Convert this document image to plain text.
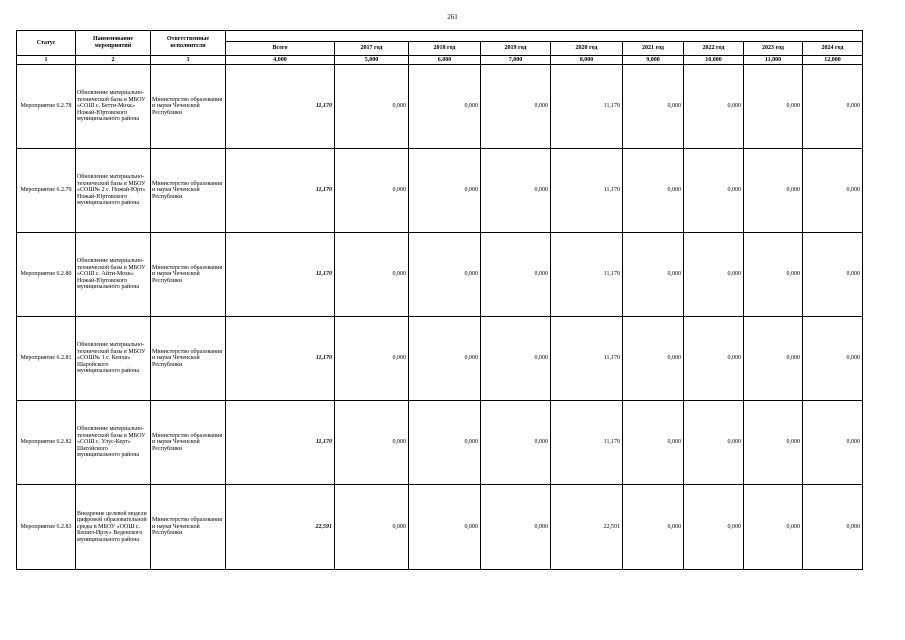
261
Статус	Наименование мероприятий	Ответственные исполнители									
			Всего	2017 год	2018 год	2019 год	2020 год	2021 год	2022 год	2023 год	2024 год
1	2	3	4,000	5,000	6,000	7,000	8,000	9,000	10,000	11,000	12,000
Мероприятие 6.2.78	Обновление материально-технической базы в МБОУ «СОШ с. Бетти-Мохк» Ножай-Юртовского муниципального района	Министерство образования и науки Чеченской Республики	11,170	0,000	0,000	0,000	11,170	0,000	0,000	0,000	0,000
Мероприятие 6.2.79	Обновление материально-технической базы в МБОУ «СОШ№ 2 с. Ножай-Юрт» Ножай-Юртовского муниципального района	Министерство образования и науки Чеченской Республики	11,170	0,000	0,000	0,000	11,170	0,000	0,000	0,000	0,000
Мероприятие 6.2.80	Обновление материально-технической базы в МБОУ «СОШ с. Айти-Мохк» Ножай-Юртовского муниципального района	Министерство образования и науки Чеченской Республики	11,170	0,000	0,000	0,000	11,170	0,000	0,000	0,000	0,000
Мероприятие 6.2.81	Обновление материально-технической базы в МБОУ «СОШ№ 1 с. Кенхи» Шаройского муниципального района	Министерство образования и науки Чеченской Республики	11,170	0,000	0,000	0,000	11,170	0,000	0,000	0,000	0,000
Мероприятие 6.2.82	Обновление материально-технической базы в МБОУ «СОШ с. Улус-Керт» Шатойского муниципального района	Министерство образования и науки Чеченской Республики	11,170	0,000	0,000	0,000	11,170	0,000	0,000	0,000	0,000
Мероприятие 6.2.83	Внедрение целевой модели цифровой образовательной среды в МБОУ «ООШ с. Бешил-Ирзу» Веденского муниципального района	Министерство образования и науки Чеченской Республики	22,591	0,000	0,000	0,000	22,591	0,000	0,000	0,000	0,000
